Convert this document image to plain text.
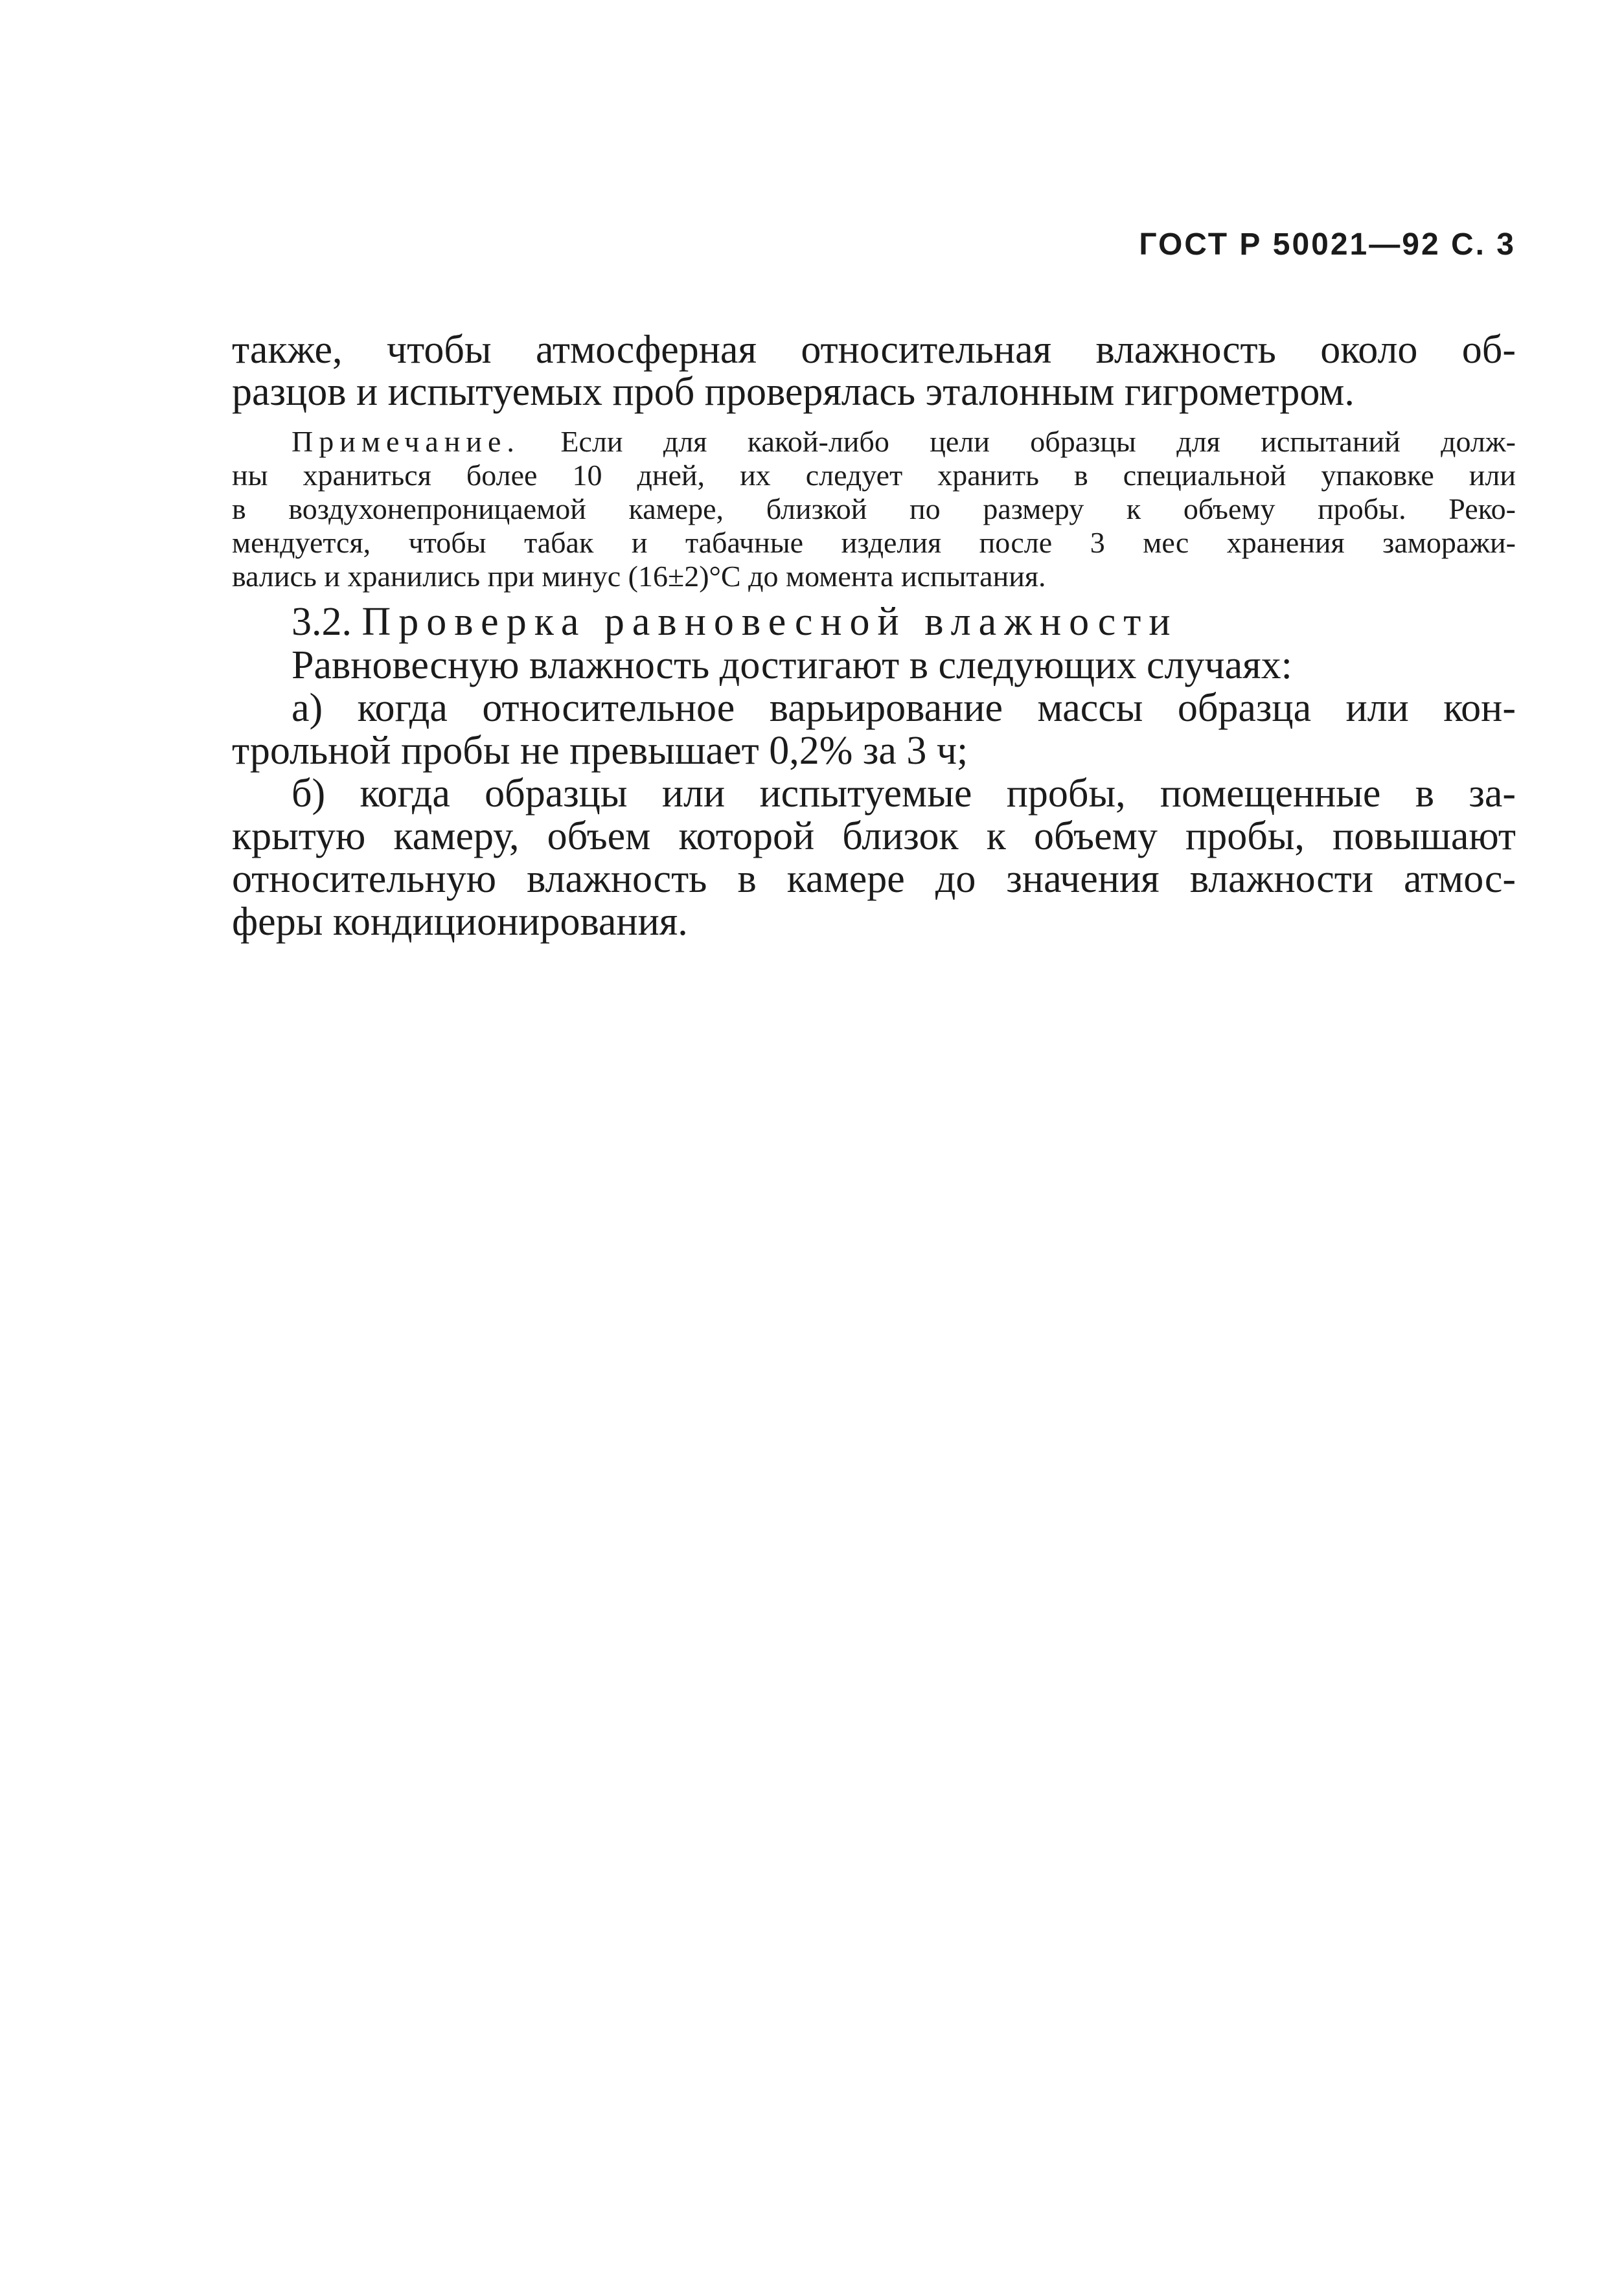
ГОСТ Р 50021—92 С. 3
также, чтобы атмосферная относительная влажность около об-
разцов и испытуемых проб проверялась эталонным гигрометром.
Примечание. Если для какой-либо цели образцы для испытаний долж-
ны храниться более 10 дней, их следует хранить в специальной упаковке или
в воздухонепроницаемой камере, близкой по размеру к объему пробы. Реко-
мендуется, чтобы табак и табачные изделия после 3 мес хранения заморажи-
вались и хранились при минус (16±2)°С до момента испытания.
3.2. Проверка равновесной влажности
Равновесную влажность достигают в следующих случаях:
а) когда относительное варьирование массы образца или кон-
трольной пробы не превышает 0,2% за 3 ч;
б) когда образцы или испытуемые пробы, помещенные в за-
крытую камеру, объем которой близок к объему пробы, повышают
относительную влажность в камере до значения влажности атмос-
феры кондиционирования.
